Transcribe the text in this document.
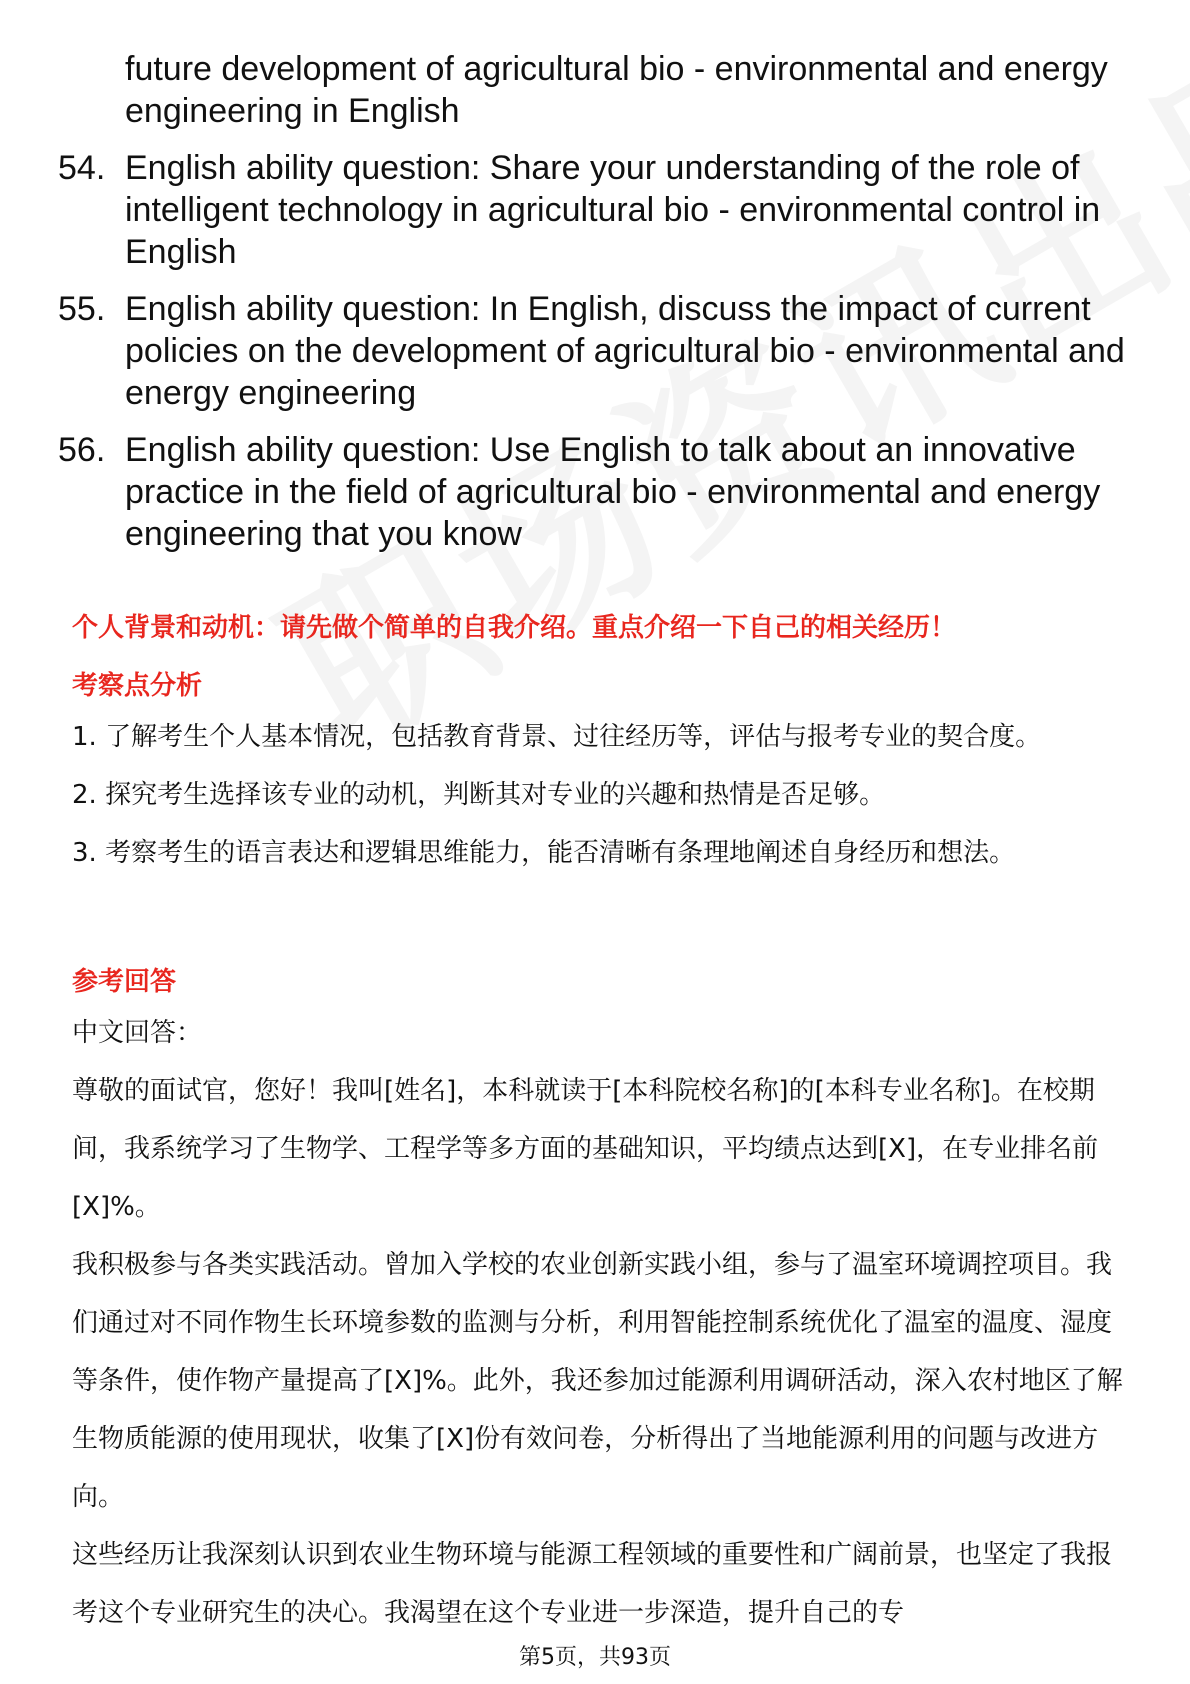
future development of agricultural bio - environmental and energy engineering in English
54. English ability question: Share your understanding of the role of intelligent technology in agricultural bio - environmental control in English
55. English ability question: In English, discuss the impact of current policies on the development of agricultural bio - environmental and energy engineering
56. English ability question: Use English to talk about an innovative practice in the field of agricultural bio - environmental and energy engineering that you know
个人背景和动机：请先做个简单的自我介绍。重点介绍一下自己的相关经历！
考察点分析
1. 了解考生个人基本情况，包括教育背景、过往经历等，评估与报考专业的契合度。
2. 探究考生选择该专业的动机，判断其对专业的兴趣和热情是否足够。
3. 考察考生的语言表达和逻辑思维能力，能否清晰有条理地阐述自身经历和想法。
参考回答
中文回答：
尊敬的面试官，您好！我叫[姓名]，本科就读于[本科院校名称]的[本科专业名称]。在校期间，我系统学习了生物学、工程学等多方面的基础知识，平均绩点达到[X]，在专业排名前[X]%。
我积极参与各类实践活动。曾加入学校的农业创新实践小组，参与了温室环境调控项目。我们通过对不同作物生长环境参数的监测与分析，利用智能控制系统优化了温室的温度、湿度等条件，使作物产量提高了[X]%。此外，我还参加过能源利用调研活动，深入农村地区了解生物质能源的使用现状，收集了[X]份有效问卷，分析得出了当地能源利用的问题与改进方向。
这些经历让我深刻认识到农业生物环境与能源工程领域的重要性和广阔前景，也坚定了我报考这个专业研究生的决心。我渴望在这个专业进一步深造，提升自己的专
第5页，共93页
